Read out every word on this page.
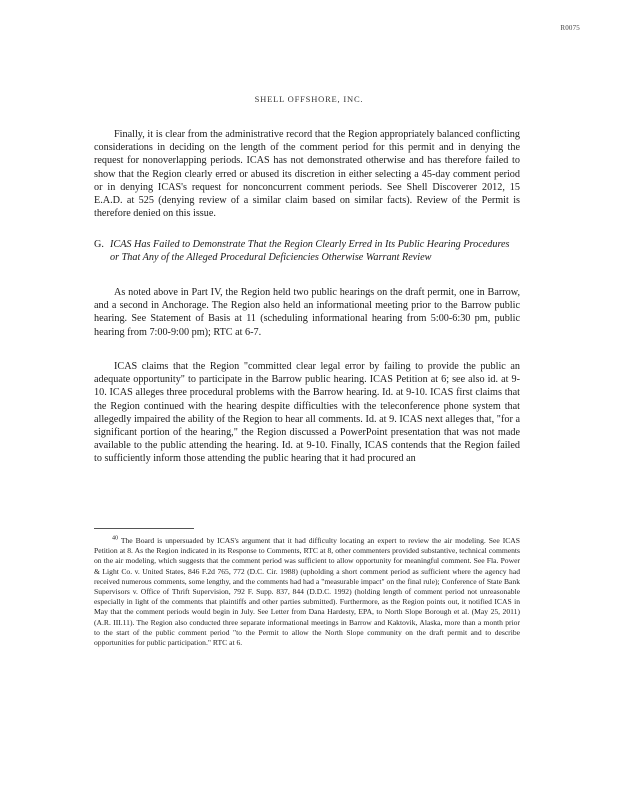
R0075
SHELL OFFSHORE, INC.

Finally, it is clear from the administrative record that the Region appropriately balanced conflicting considerations in deciding on the length of the comment period for this permit and in denying the request for nonoverlapping periods. ICAS has not demonstrated otherwise and has therefore failed to show that the Region clearly erred or abused its discretion in either selecting a 45-day comment period or in denying ICAS's request for nonconcurrent comment periods. See Shell Discoverer 2012, 15 E.A.D. at 525 (denying review of a similar claim based on similar facts). Review of the Permit is therefore denied on this issue.

G. ICAS Has Failed to Demonstrate That the Region Clearly Erred in Its Public Hearing Procedures or That Any of the Alleged Procedural Deficiencies Otherwise Warrant Review

As noted above in Part IV, the Region held two public hearings on the draft permit, one in Barrow, and a second in Anchorage. The Region also held an informational meeting prior to the Barrow public hearing. See Statement of Basis at 11 (scheduling informational hearing from 5:00-6:30 pm, public hearing from 7:00-9:00 pm); RTC at 6-7.

ICAS claims that the Region "committed clear legal error by failing to provide the public an adequate opportunity" to participate in the Barrow public hearing. ICAS Petition at 6; see also id. at 9-10. ICAS alleges three procedural problems with the Barrow hearing. Id. at 9-10. ICAS first claims that the Region continued with the hearing despite difficulties with the teleconference phone system that allegedly impaired the ability of the Region to hear all comments. Id. at 9. ICAS next alleges that, "for a significant portion of the hearing," the Region discussed a PowerPoint presentation that was not made available to the public attending the hearing. Id. at 9-10. Finally, ICAS contends that the Region failed to sufficiently inform those attending the public hearing that it had procured an

$^{40}$ The Board is unpersuaded by ICAS's argument that it had difficulty locating an expert to review the air modeling. See ICAS Petition at 8. As the Region indicated in its Response to Comments, RTC at 8, other commenters provided substantive, technical comments on the air modeling, which suggests that the comment period was sufficient to allow opportunity for meaningful comment. See Fla. Power & Light Co. v. United States, 846 F.2d 765, 772 (D.C. Cir. 1988) (upholding a short comment period as sufficient where the agency had received numerous comments, some lengthy, and the comments had had a "measurable impact" on the final rule); Conference of State Bank Supervisors v. Office of Thrift Supervision, 792 F. Supp. 837, 844 (D.D.C. 1992) (holding length of comment period not unreasonable especially in light of the comments that plaintiffs and other parties submitted). Furthermore, as the Region points out, it notified ICAS in May that the comment periods would begin in July. See Letter from Dana Hardesty, EPA, to North Slope Borough et al. (May 25, 2011) (A.R. III.11). The Region also conducted three separate informational meetings in Barrow and Kaktovik, Alaska, more than a month prior to the start of the public comment period "to the Permit to allow the North Slope community on the draft permit and to describe opportunities for public participation." RTC at 6.
